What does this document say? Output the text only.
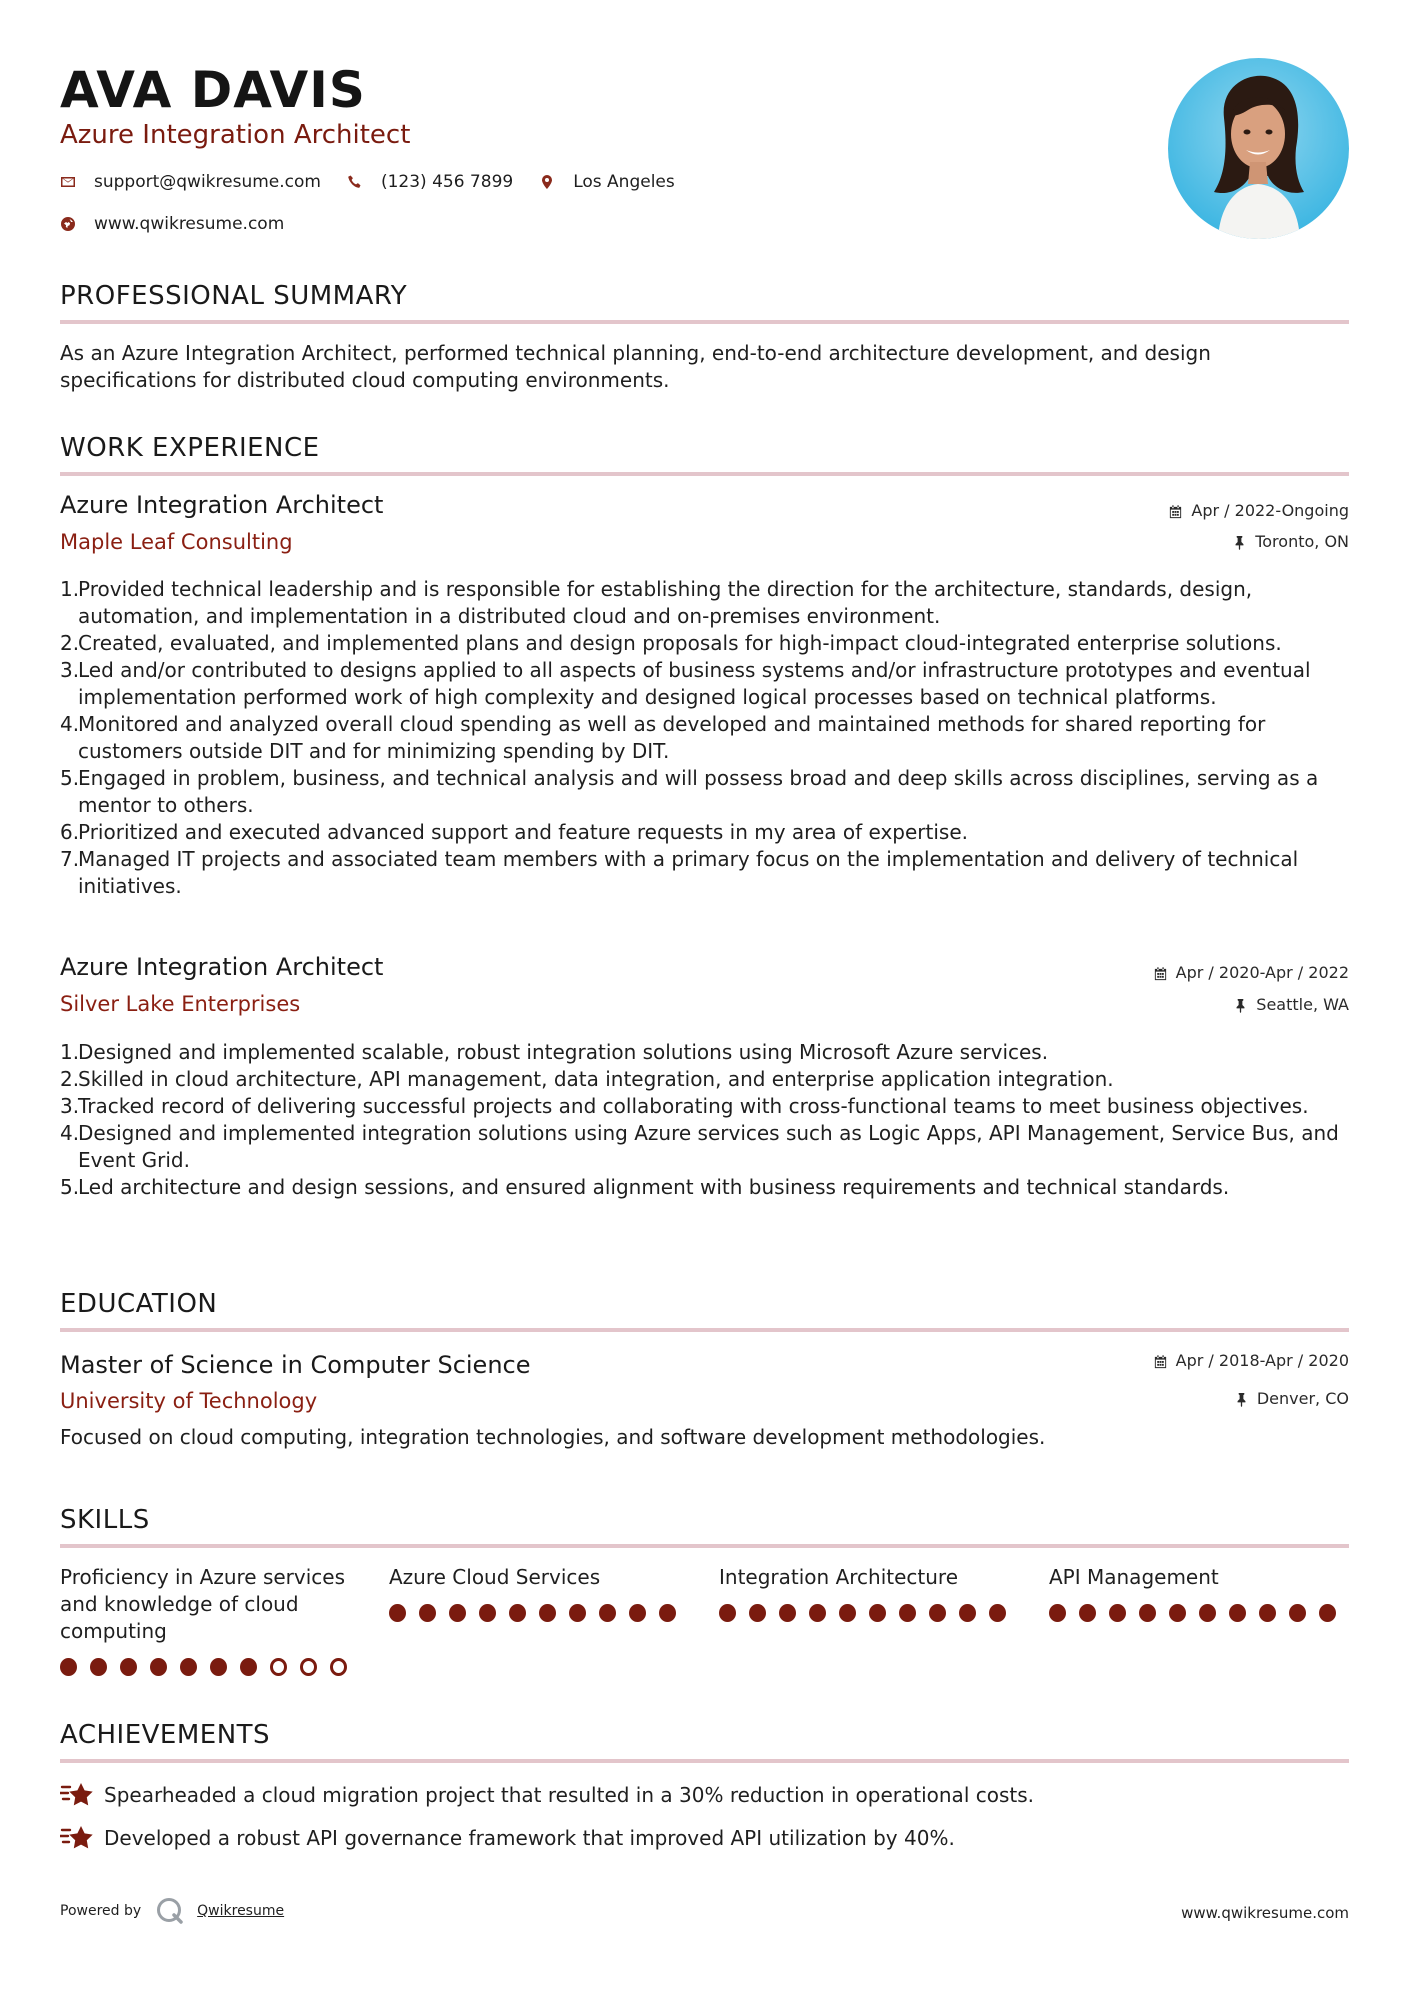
AVA DAVIS
Azure Integration Architect
support@qwikresume.com	(123) 456 7899	Los Angeles
www.qwikresume.com
PROFESSIONAL SUMMARY
As an Azure Integration Architect, performed technical planning, end-to-end architecture development, and design specifications for distributed cloud computing environments.
WORK EXPERIENCE
Azure Integration Architect	Apr / 2022-Ongoing
Maple Leaf Consulting	Toronto, ON
Provided technical leadership and is responsible for establishing the direction for the architecture, standards, design, automation, and implementation in a distributed cloud and on-premises environment.
Created, evaluated, and implemented plans and design proposals for high-impact cloud-integrated enterprise solutions.
Led and/or contributed to designs applied to all aspects of business systems and/or infrastructure prototypes and eventual implementation performed work of high complexity and designed logical processes based on technical platforms.
Monitored and analyzed overall cloud spending as well as developed and maintained methods for shared reporting for customers outside DIT and for minimizing spending by DIT.
Engaged in problem, business, and technical analysis and will possess broad and deep skills across disciplines, serving as a mentor to others.
Prioritized and executed advanced support and feature requests in my area of expertise.
Managed IT projects and associated team members with a primary focus on the implementation and delivery of technical initiatives.
Azure Integration Architect	Apr / 2020-Apr / 2022
Silver Lake Enterprises	Seattle, WA
Designed and implemented scalable, robust integration solutions using Microsoft Azure services.
Skilled in cloud architecture, API management, data integration, and enterprise application integration.
Tracked record of delivering successful projects and collaborating with cross-functional teams to meet business objectives.
Designed and implemented integration solutions using Azure services such as Logic Apps, API Management, Service Bus, and Event Grid.
Led architecture and design sessions, and ensured alignment with business requirements and technical standards.
EDUCATION
Master of Science in Computer Science	Apr / 2018-Apr / 2020
University of Technology	Denver, CO
Focused on cloud computing, integration technologies, and software development methodologies.
SKILLS
Proficiency in Azure services and knowledge of cloud computing
Azure Cloud Services	Integration Architecture	API Management
ACHIEVEMENTS
Spearheaded a cloud migration project that resulted in a 30% reduction in operational costs.
Developed a robust API governance framework that improved API utilization by 40%.
Powered by	Qwikresume	www.qwikresume.com
